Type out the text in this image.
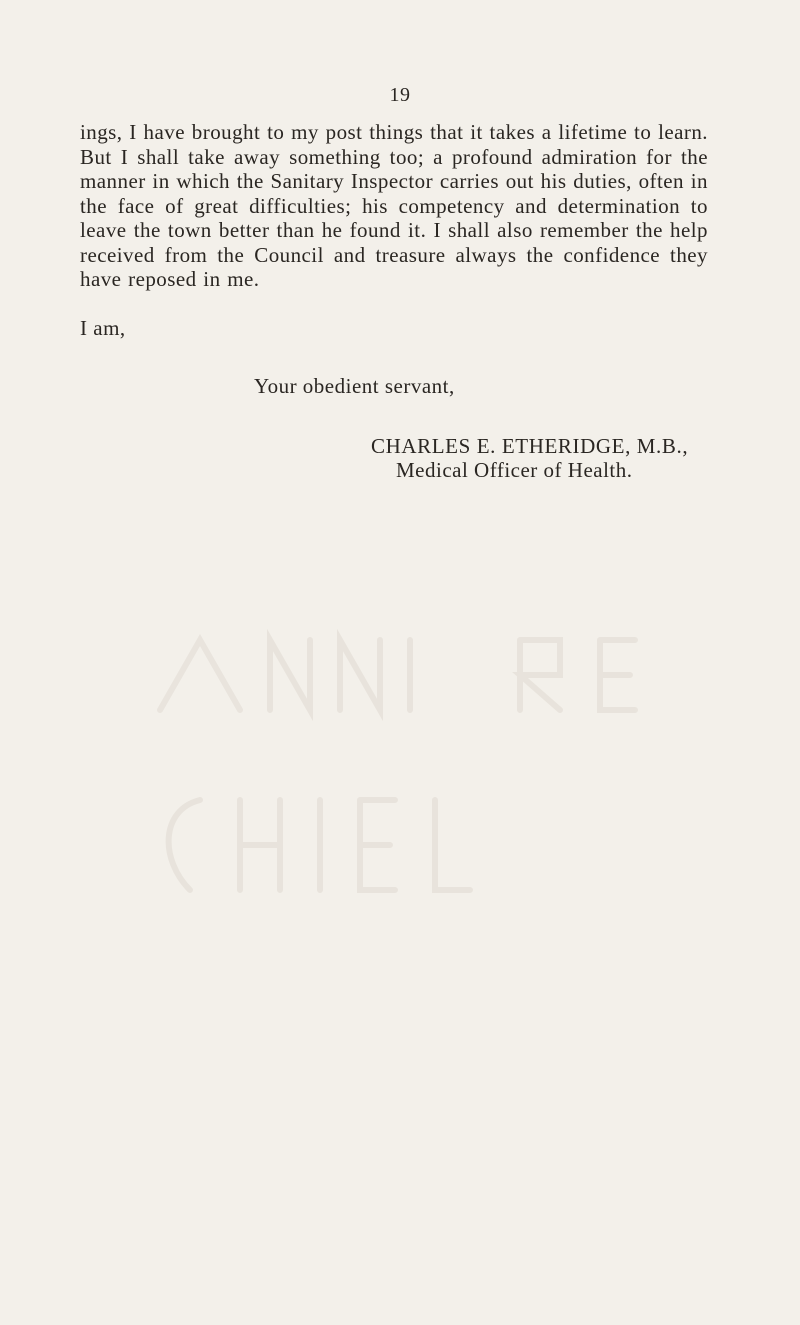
19

ings, I have brought to my post things that it takes a lifetime to learn. But I shall take away something too; a profound admiration for the manner in which the Sanitary Inspector carries out his duties, often in the face of great difficulties; his competency and determination to leave the town better than he found it. I shall also remember the help received from the Council and treasure always the confidence they have reposed in me.

I am,
Your obedient servant,
CHARLES E. ETHERIDGE, M.B.,
Medical Officer of Health.
